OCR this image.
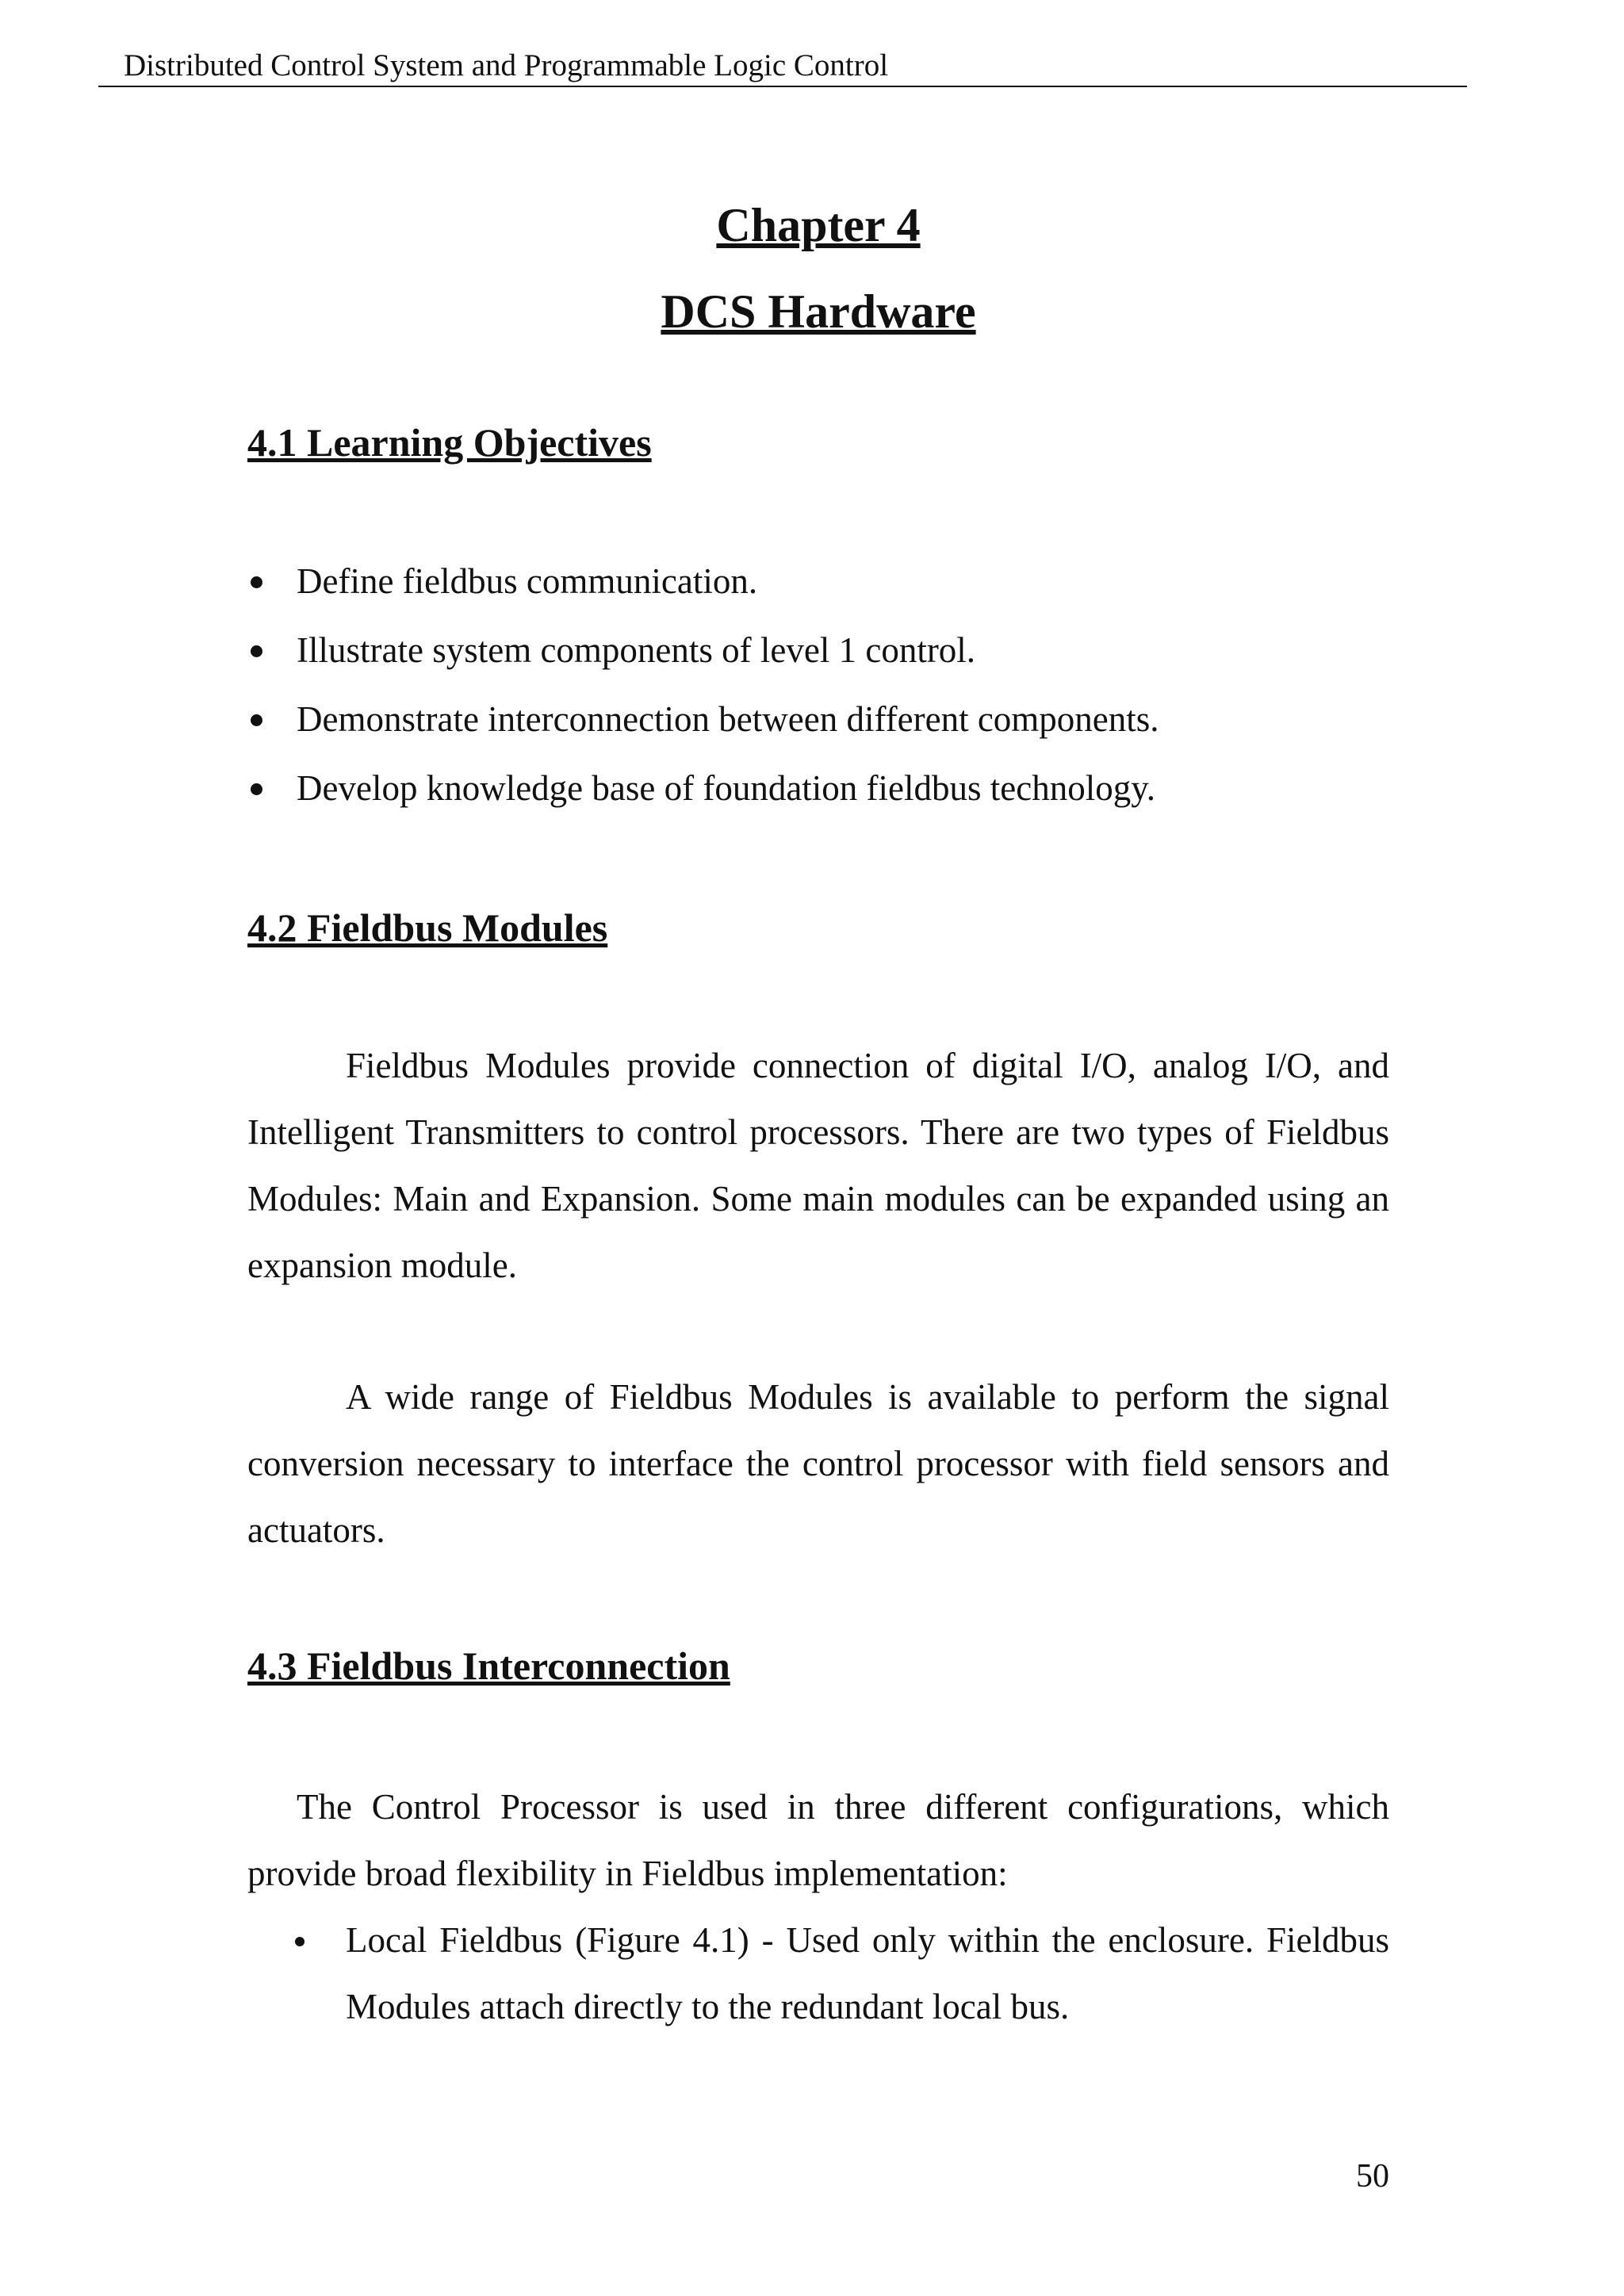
Distributed Control System and Programmable Logic Control
Chapter 4
DCS Hardware
4.1 Learning Objectives
Define fieldbus communication.
Illustrate system components of level 1 control.
Demonstrate interconnection between different components.
Develop knowledge base of foundation fieldbus technology.
4.2 Fieldbus Modules

Fieldbus Modules provide connection of digital I/O, analog I/O, and Intelligent Transmitters to control processors. There are two types of Fieldbus Modules: Main and Expansion. Some main modules can be expanded using an expansion module.

A wide range of Fieldbus Modules is available to perform the signal conversion necessary to interface the control processor with field sensors and actuators.

4.3 Fieldbus Interconnection

The Control Processor is used in three different configurations, which provide broad flexibility in Fieldbus implementation:

Local Fieldbus (Figure 4.1) - Used only within the enclosure. Fieldbus Modules attach directly to the redundant local bus.
50
